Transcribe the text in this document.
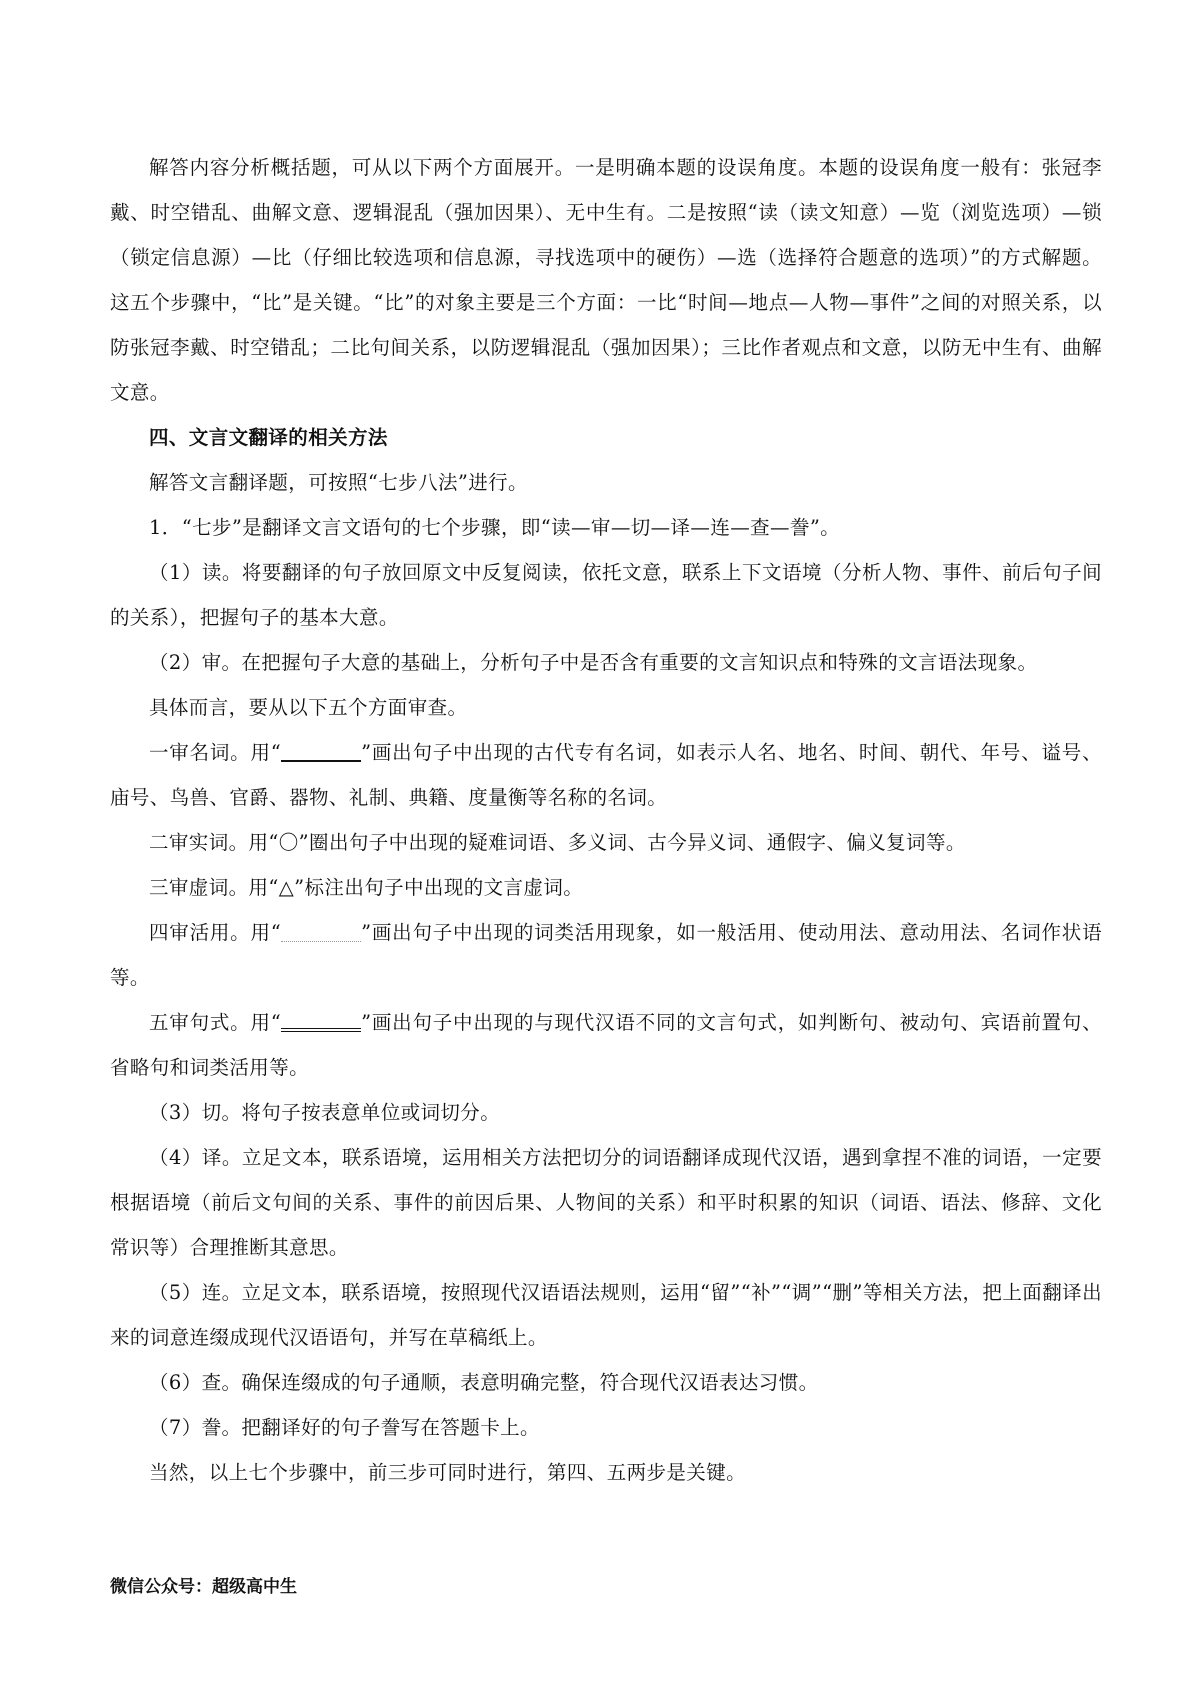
解答内容分析概括题，可从以下两个方面展开。一是明确本题的设误角度。本题的设误角度一般有：张冠李戴、时空错乱、曲解文意、逻辑混乱（强加因果）、无中生有。二是按照“读（读文知意）—览（浏览选项）—锁（锁定信息源）—比（仔细比较选项和信息源，寻找选项中的硬伤）—选（选择符合题意的选项）”的方式解题。这五个步骤中，“比”是关键。“比”的对象主要是三个方面：一比“时间—地点—人物—事件”之间的对照关系，以防张冠李戴、时空错乱；二比句间关系，以防逻辑混乱（强加因果）；三比作者观点和文意，以防无中生有、曲解文意。

四、文言文翻译的相关方法

解答文言翻译题，可按照“七步八法”进行。

1．“七步”是翻译文言文语句的七个步骤，即“读—审—切—译—连—查—誊”。

（1）读。将要翻译的句子放回原文中反复阅读，依托文意，联系上下文语境（分析人物、事件、前后句子间的关系），把握句子的基本大意。

（2）审。在把握句子大意的基础上，分析句子中是否含有重要的文言知识点和特殊的文言语法现象。

具体而言，要从以下五个方面审查。

一审名词。用“	”画出句子中出现的古代专有名词，如表示人名、地名、时间、朝代、年号、谥号、庙号、鸟兽、官爵、器物、礼制、典籍、度量衡等名称的名词。

二审实词。用“〇”圈出句子中出现的疑难词语、多义词、古今异义词、通假字、偏义复词等。

三审虚词。用“△”标注出句子中出现的文言虚词。

四审活用。用“	”画出句子中出现的词类活用现象，如一般活用、使动用法、意动用法、名词作状语等。

五审句式。用“	”画出句子中出现的与现代汉语不同的文言句式，如判断句、被动句、宾语前置句、省略句和词类活用等。

（3）切。将句子按表意单位或词切分。

（4）译。立足文本，联系语境，运用相关方法把切分的词语翻译成现代汉语，遇到拿捏不准的词语，一定要根据语境（前后文句间的关系、事件的前因后果、人物间的关系）和平时积累的知识（词语、语法、修辞、文化常识等）合理推断其意思。

（5）连。立足文本，联系语境，按照现代汉语语法规则，运用“留”“补”“调”“删”等相关方法，把上面翻译出来的词意连缀成现代汉语语句，并写在草稿纸上。

（6）查。确保连缀成的句子通顺，表意明确完整，符合现代汉语表达习惯。

（7）誊。把翻译好的句子誊写在答题卡上。

当然，以上七个步骤中，前三步可同时进行，第四、五两步是关键。

微信公众号：超级高中生
